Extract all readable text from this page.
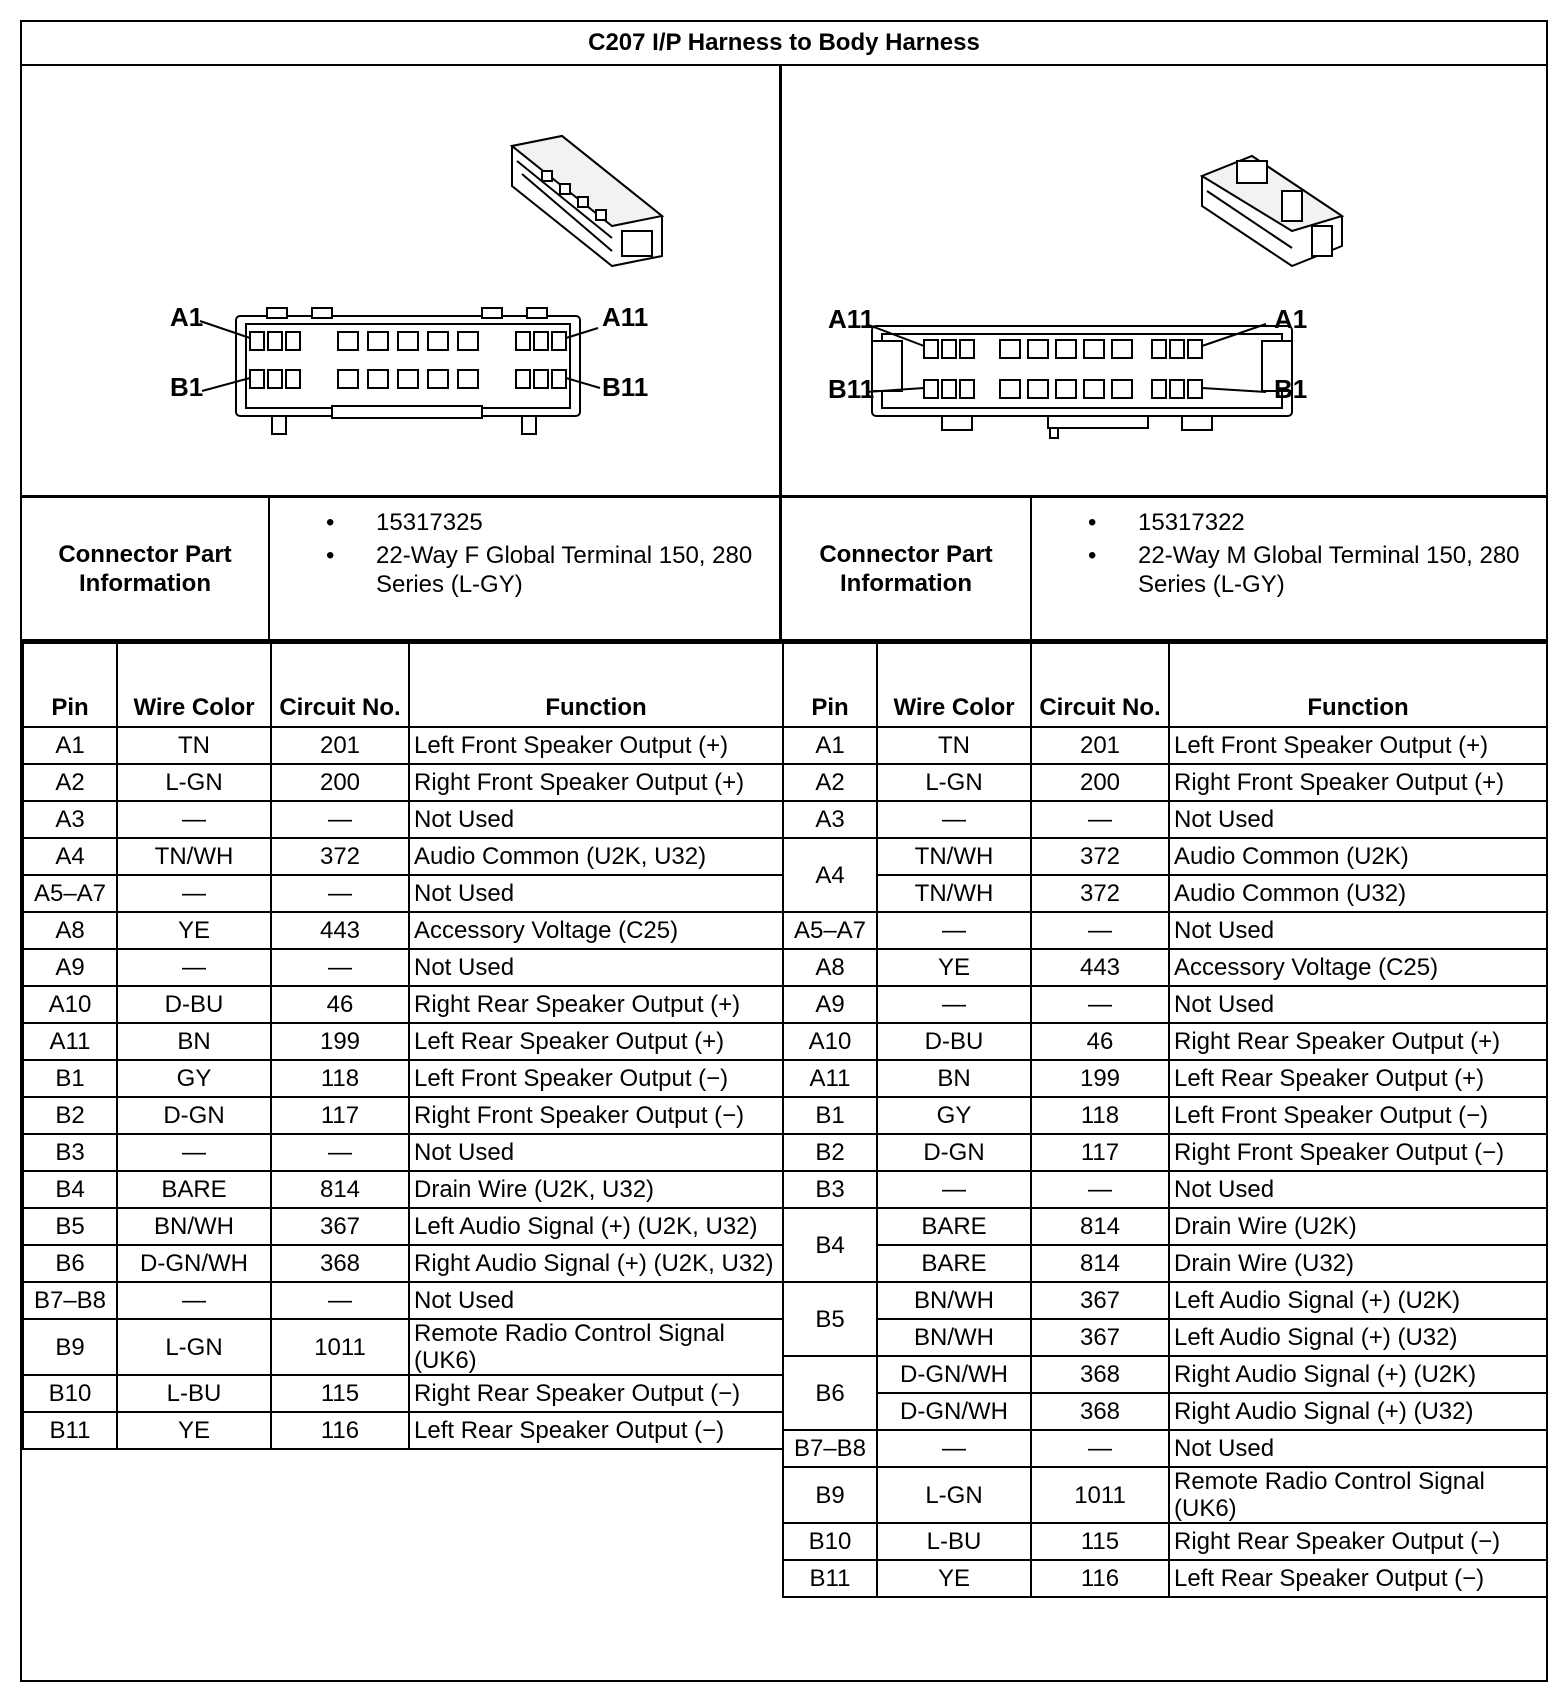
C207 I/P Harness to Body Harness
A1	A11
B1	B11
A11	A1
B11	B1
Connector Part Information
• 15317325
• 22-Way F Global Terminal 150, 280 Series (L-GY)
Connector Part Information
• 15317322
• 22-Way M Global Terminal 150, 280 Series (L-GY)
Pin	Wire Color	Circuit No.	Function
A1	TN	201	Left Front Speaker Output (+)
A2	L-GN	200	Right Front Speaker Output (+)
A3	—	—	Not Used
A4	TN/WH	372	Audio Common (U2K, U32)
A5–A7	—	—	Not Used
A8	YE	443	Accessory Voltage (C25)
A9	—	—	Not Used
A10	D-BU	46	Right Rear Speaker Output (+)
A11	BN	199	Left Rear Speaker Output (+)
B1	GY	118	Left Front Speaker Output (−)
B2	D-GN	117	Right Front Speaker Output (−)
B3	—	—	Not Used
B4	BARE	814	Drain Wire (U2K, U32)
B5	BN/WH	367	Left Audio Signal (+) (U2K, U32)
B6	D-GN/WH	368	Right Audio Signal (+) (U2K, U32)
B7–B8	—	—	Not Used
B9	L-GN	1011	Remote Radio Control Signal (UK6)
B10	L-BU	115	Right Rear Speaker Output (−)
B11	YE	116	Left Rear Speaker Output (−)
Pin	Wire Color	Circuit No.	Function
A1	TN	201	Left Front Speaker Output (+)
A2	L-GN	200	Right Front Speaker Output (+)
A3	—	—	Not Used
A4	TN/WH	372	Audio Common (U2K)
	TN/WH	372	Audio Common (U32)
A5–A7	—	—	Not Used
A8	YE	443	Accessory Voltage (C25)
A9	—	—	Not Used
A10	D-BU	46	Right Rear Speaker Output (+)
A11	BN	199	Left Rear Speaker Output (+)
B1	GY	118	Left Front Speaker Output (−)
B2	D-GN	117	Right Front Speaker Output (−)
B3	—	—	Not Used
B4	BARE	814	Drain Wire (U2K)
	BARE	814	Drain Wire (U32)
B5	BN/WH	367	Left Audio Signal (+) (U2K)
	BN/WH	367	Left Audio Signal (+) (U32)
B6	D-GN/WH	368	Right Audio Signal (+) (U2K)
	D-GN/WH	368	Right Audio Signal (+) (U32)
B7–B8	—	—	Not Used
B9	L-GN	1011	Remote Radio Control Signal (UK6)
B10	L-BU	115	Right Rear Speaker Output (−)
B11	YE	116	Left Rear Speaker Output (−)
